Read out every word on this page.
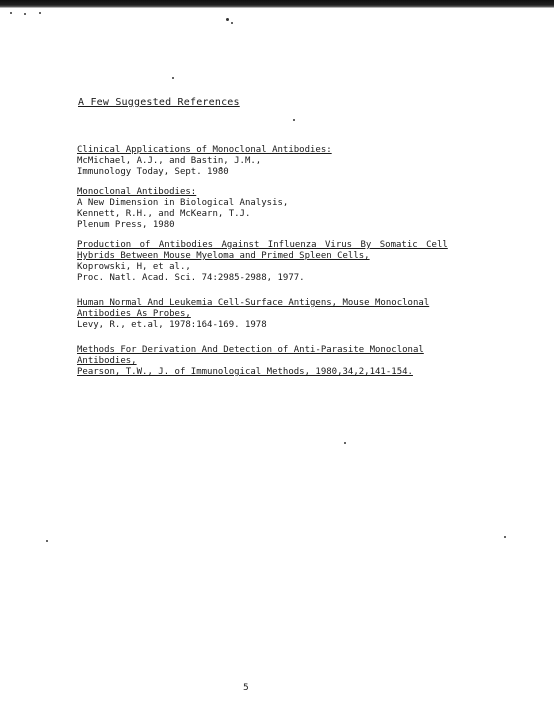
A Few Suggested References
Clinical Applications of Monoclonal Antibodies:
McMichael, A.J., and Bastin, J.M.,
Immunology Today, Sept. 1980
Monoclonal Antibodies:
A New Dimension in Biological Analysis,
Kennett, R.H., and McKearn, T.J.
Plenum Press, 1980
Production of Antibodies Against Influenza Virus By Somatic Cell
Hybrids Between Mouse Myeloma and Primed Spleen Cells,
Koprowski, H, et al.,
Proc. Natl. Acad. Sci. 74:2985-2988, 1977.
Human Normal And Leukemia Cell-Surface Antigens, Mouse Monoclonal
Antibodies As Probes,
Levy, R., et.al, 1978:164-169. 1978
Methods For Derivation And Detection of Anti-Parasite Monoclonal
Antibodies,
Pearson, T.W., J. of Immunological Methods, 1980,34,2,141-154.
5
